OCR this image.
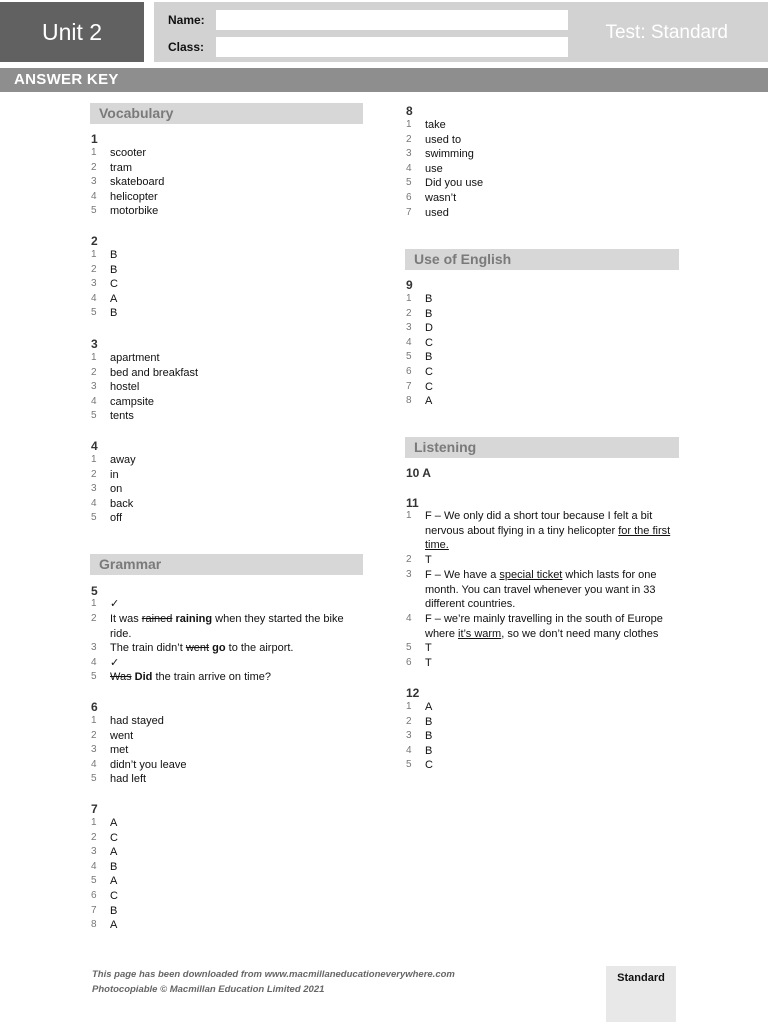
Unit 2	Name:
Class:
Test: Standard
ANSWER KEY
Vocabulary
1
1	scooter
2	tram
3	skateboard
4	helicopter
5	motorbike
2
1	B
2	B
3	C
4	A
5	B
3
1	apartment
2	bed and breakfast
3	hostel
4	campsite
5	tents
4
1	away
2	in
3	on
4	back
5	off
Grammar
5
1	✓
2	It was rained raining when they started the bike ride.
3	The train didn’t went go to the airport.
4	✓
5	Was Did the train arrive on time?
6
1	had stayed
2	went
3	met
4	didn’t you leave
5	had left
7
1	A
2	C
3	A
4	B
5	A
6	C
7	B
8	A
8
1	take
2	used to
3	swimming
4	use
5	Did you use
6	wasn’t
7	used
Use of English
9
1	B
2	B
3	D
4	C
5	B
6	C
7	C
8	A
Listening
10 A
11
1	F – We only did a short tour because I felt a bit nervous about flying in a tiny helicopter for the first time.
2	T
3	F – We have a special ticket which lasts for one month. You can travel whenever you want in 33 different countries.
4	F – we’re mainly travelling in the south of Europe where it’s warm, so we don’t need many clothes
5	T
6	T
12
1	A
2	B
3	B
4	B
5	C
This page has been downloaded from www.macmillaneducationeverywhere.com
Photocopiable © Macmillan Education Limited 2021
Standard
